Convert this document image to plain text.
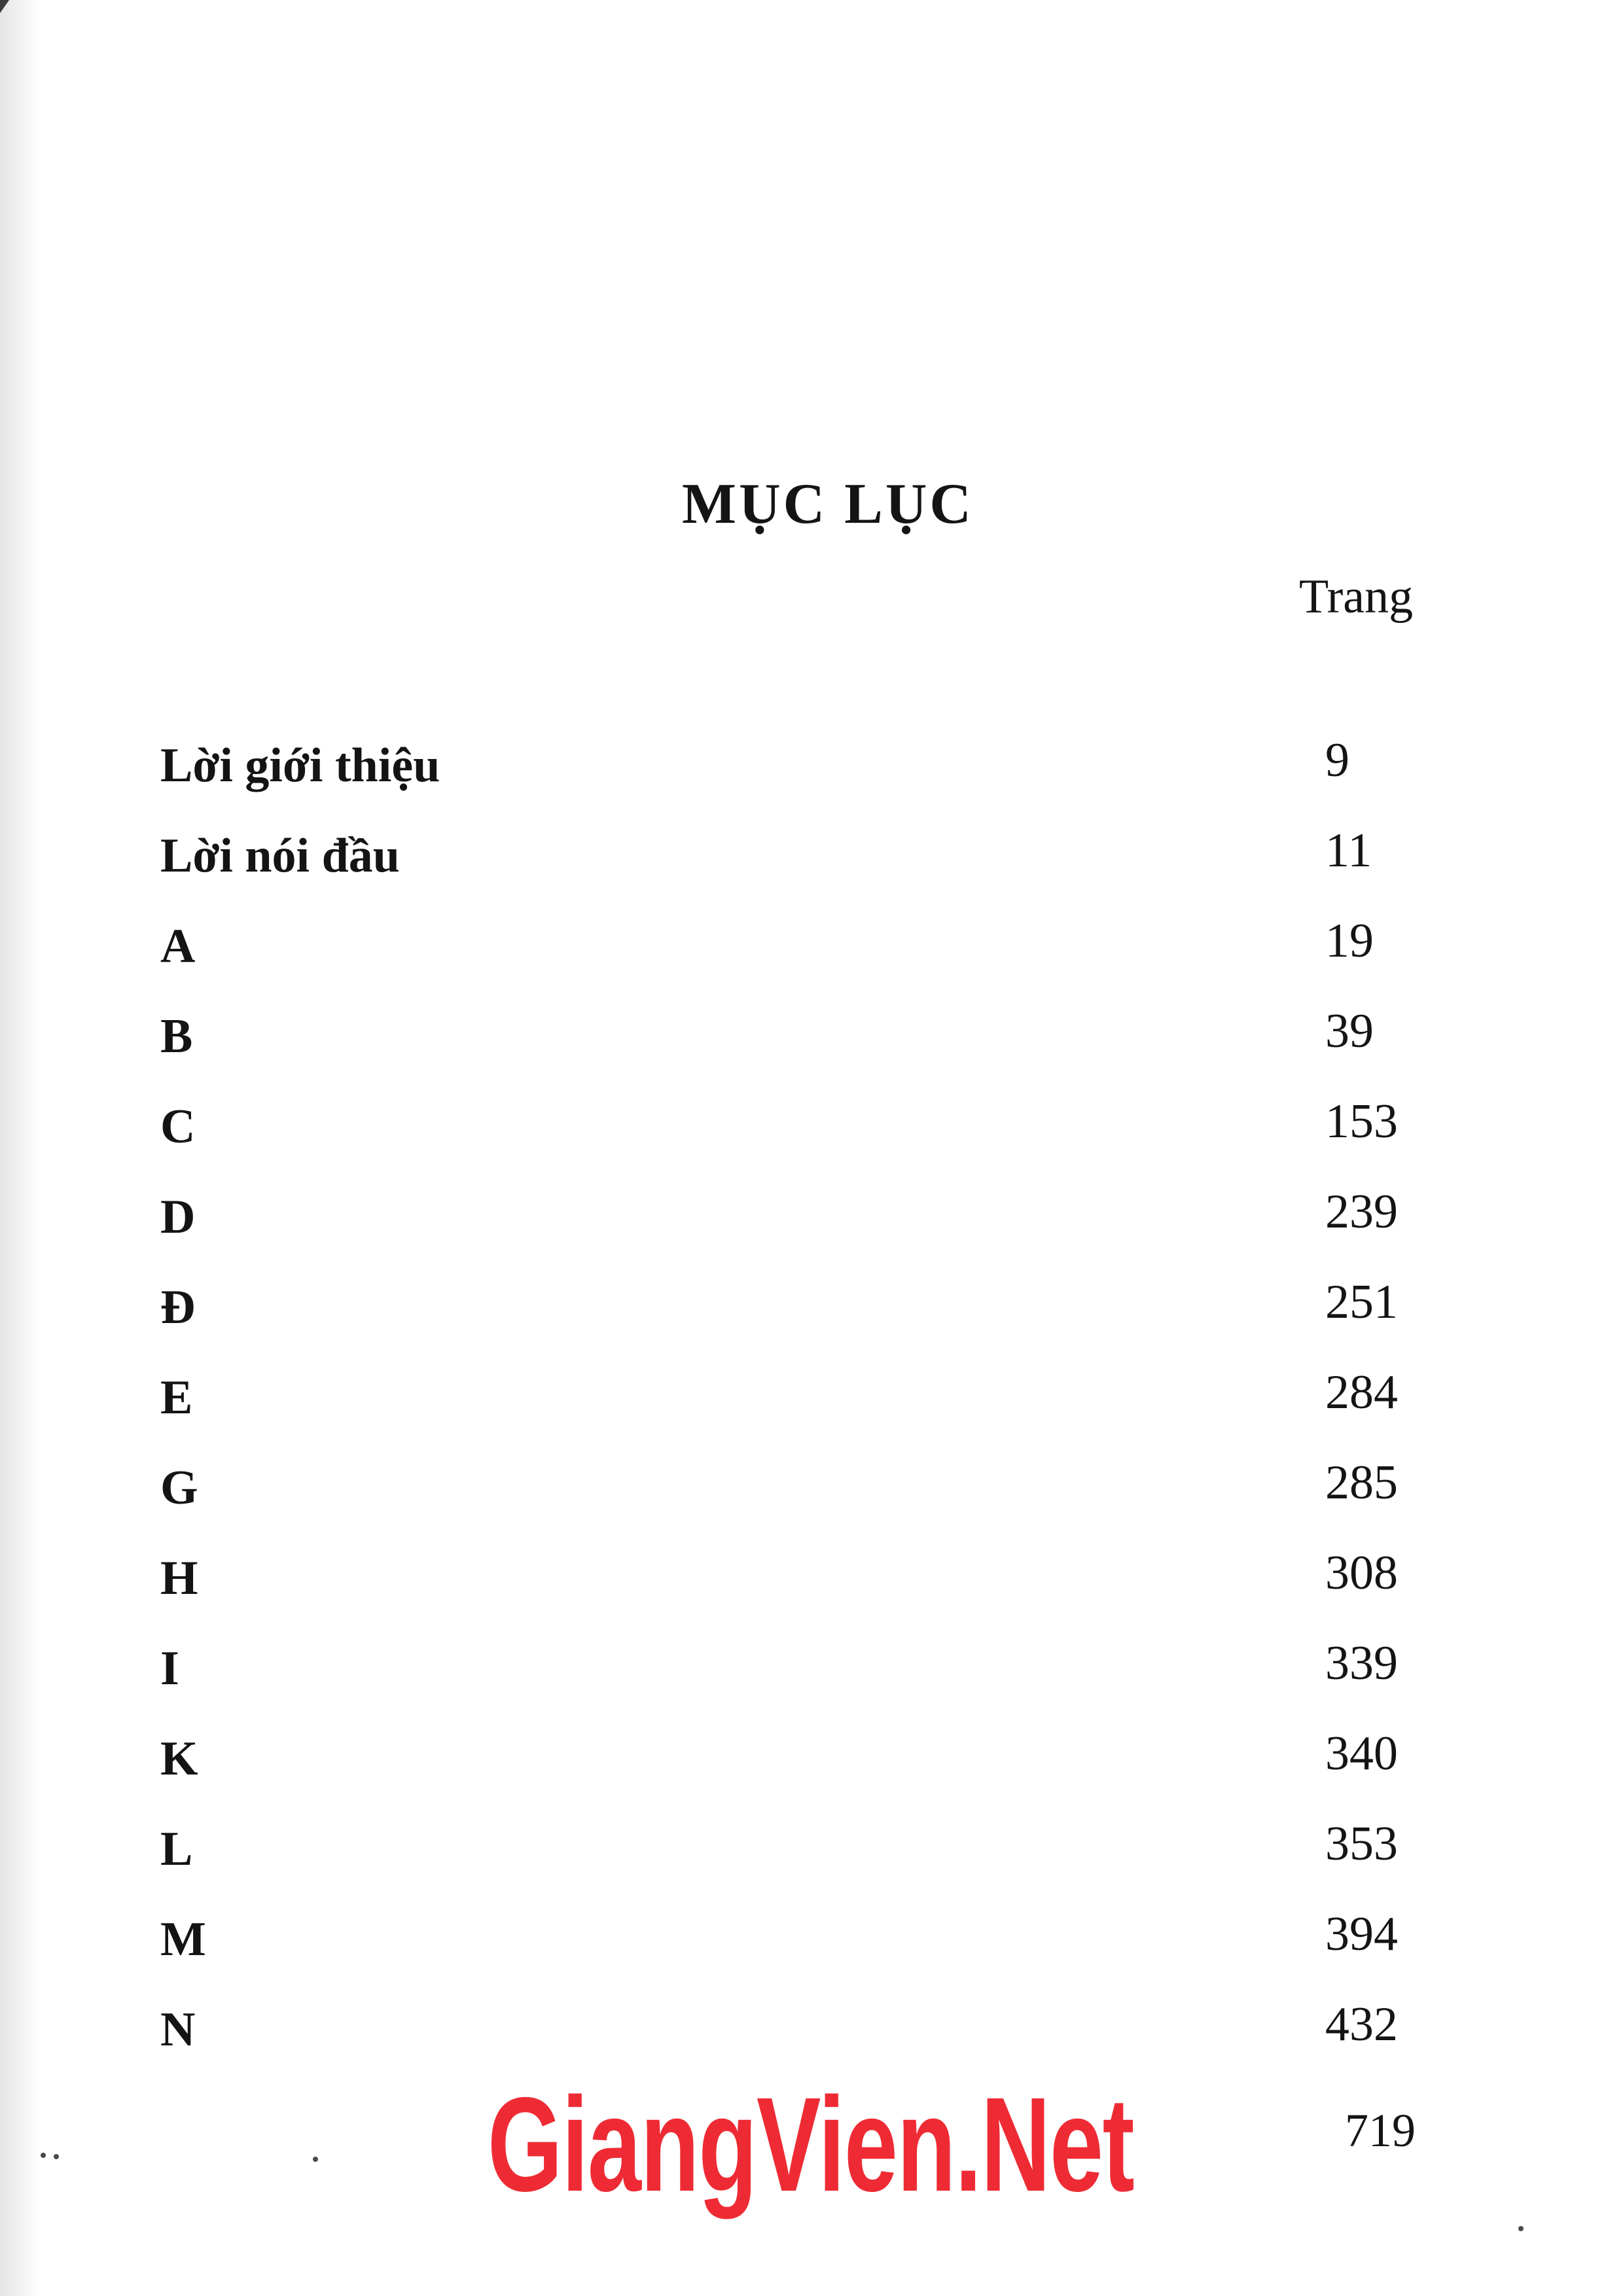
MỤC LỤC

Trang

Lời giới thiệu	9
Lời nói đầu	11
A	19
B	39
C	153
D	239
Đ	251
E	284
G	285
H	308
I	339
K	340
L	353
M	394
N	432

GiangVien.Net	719
